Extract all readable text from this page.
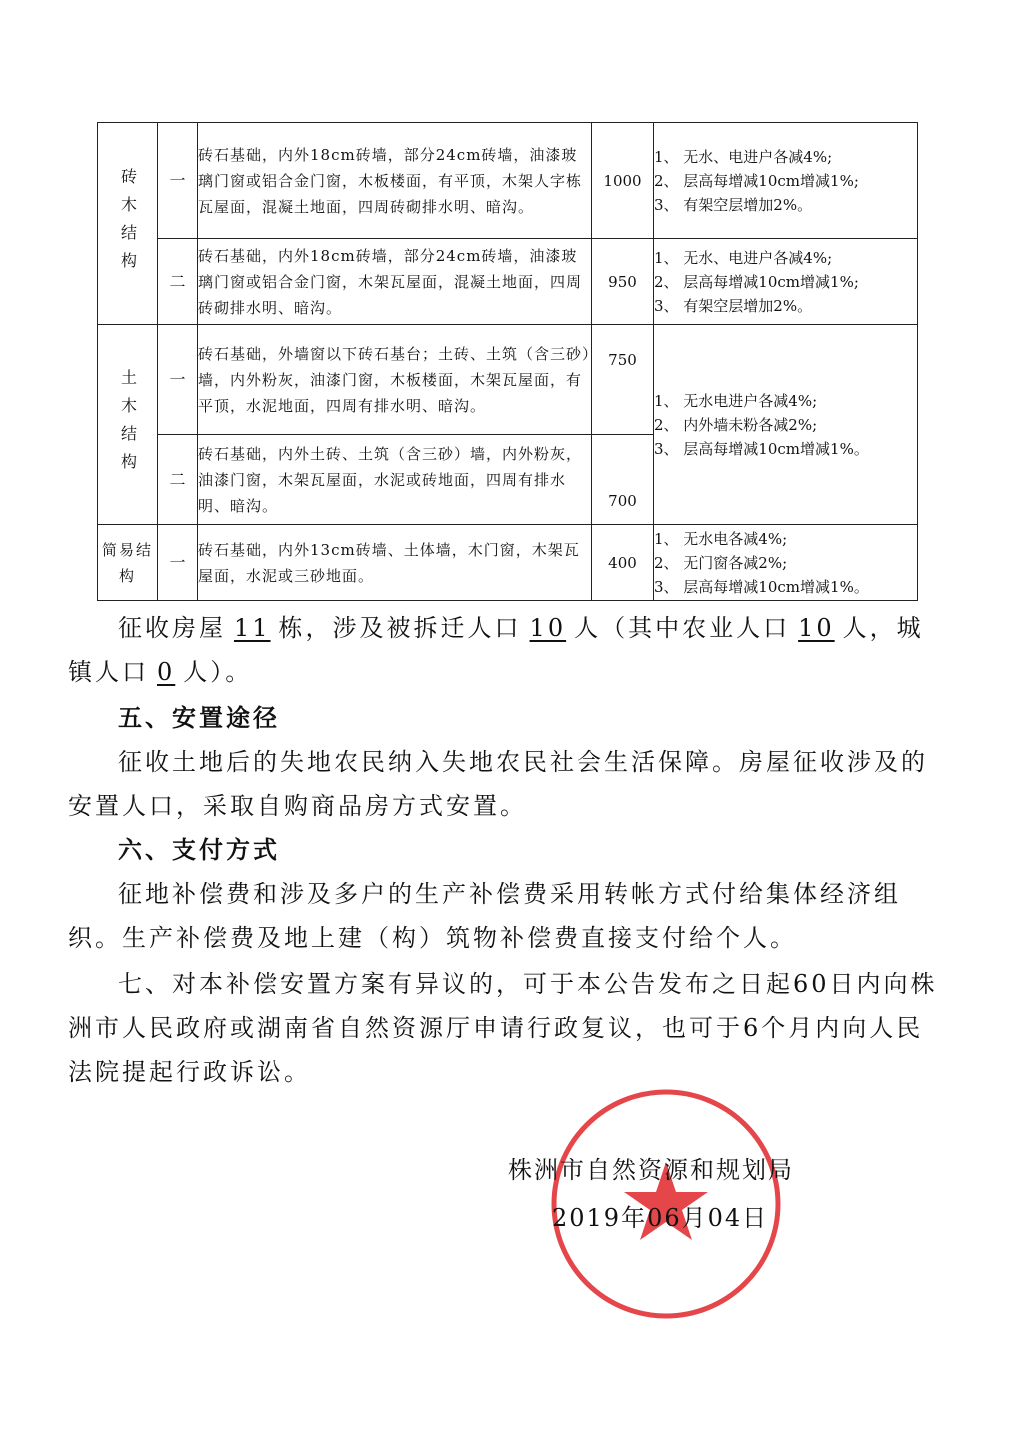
砖木结构	一	砖石基础，内外18cm砖墙，部分24cm砖墙，油漆玻璃门窗或铝合金门窗，木板楼面，有平顶，木架人字栋瓦屋面，混凝土地面，四周砖砌排水明、暗沟。	1000	1、 无水、电进户各减4%;
2、 层高每增减10cm增减1%;
3、 有架空层增加2%。

	二	砖石基础，内外18cm砖墙，部分24cm砖墙，油漆玻璃门窗或铝合金门窗，木架瓦屋面，混凝土地面，四周砖砌排水明、暗沟。	950	1、 无水、电进户各减4%;
2、 层高每增减10cm增减1%;
3、 有架空层增加2%。

土木结构	一	砖石基础，外墙窗以下砖石基台；土砖、土筑（含三砂）墙，内外粉灰，油漆门窗，木板楼面，木架瓦屋面，有平顶，水泥地面，四周有排水明、暗沟。	750	1、 无水电进户各减4%;
2、 内外墙未粉各减2%;
3、 层高每增减10cm增减1%。

	二	砖石基础，内外土砖、土筑（含三砂）墙，内外粉灰，油漆门窗，木架瓦屋面，水泥或砖地面，四周有排水明、暗沟。	700	
简易结构	一	砖石基础，内外13cm砖墙、土体墙，木门窗，木架瓦屋面，水泥或三砂地面。	400	1、 无水电各减4%;
2、 无门窗各减2%;
3、 层高每增减10cm增减1%。

征收房屋 11 栋，涉及被拆迁人口 10 人（其中农业人口 10 人，城镇人口 0 人）。

五、安置途径

征收土地后的失地农民纳入失地农民社会生活保障。房屋征收涉及的安置人口，采取自购商品房方式安置。

六、支付方式

征地补偿费和涉及多户的生产补偿费采用转帐方式付给集体经济组织。生产补偿费及地上建（构）筑物补偿费直接支付给个人。

七、对本补偿安置方案有异议的，可于本公告发布之日起60日内向株洲市人民政府或湖南省自然资源厅申请行政复议，也可于6个月内向人民法院提起行政诉讼。

株洲市自然资源和规划局
2019年06月04日
